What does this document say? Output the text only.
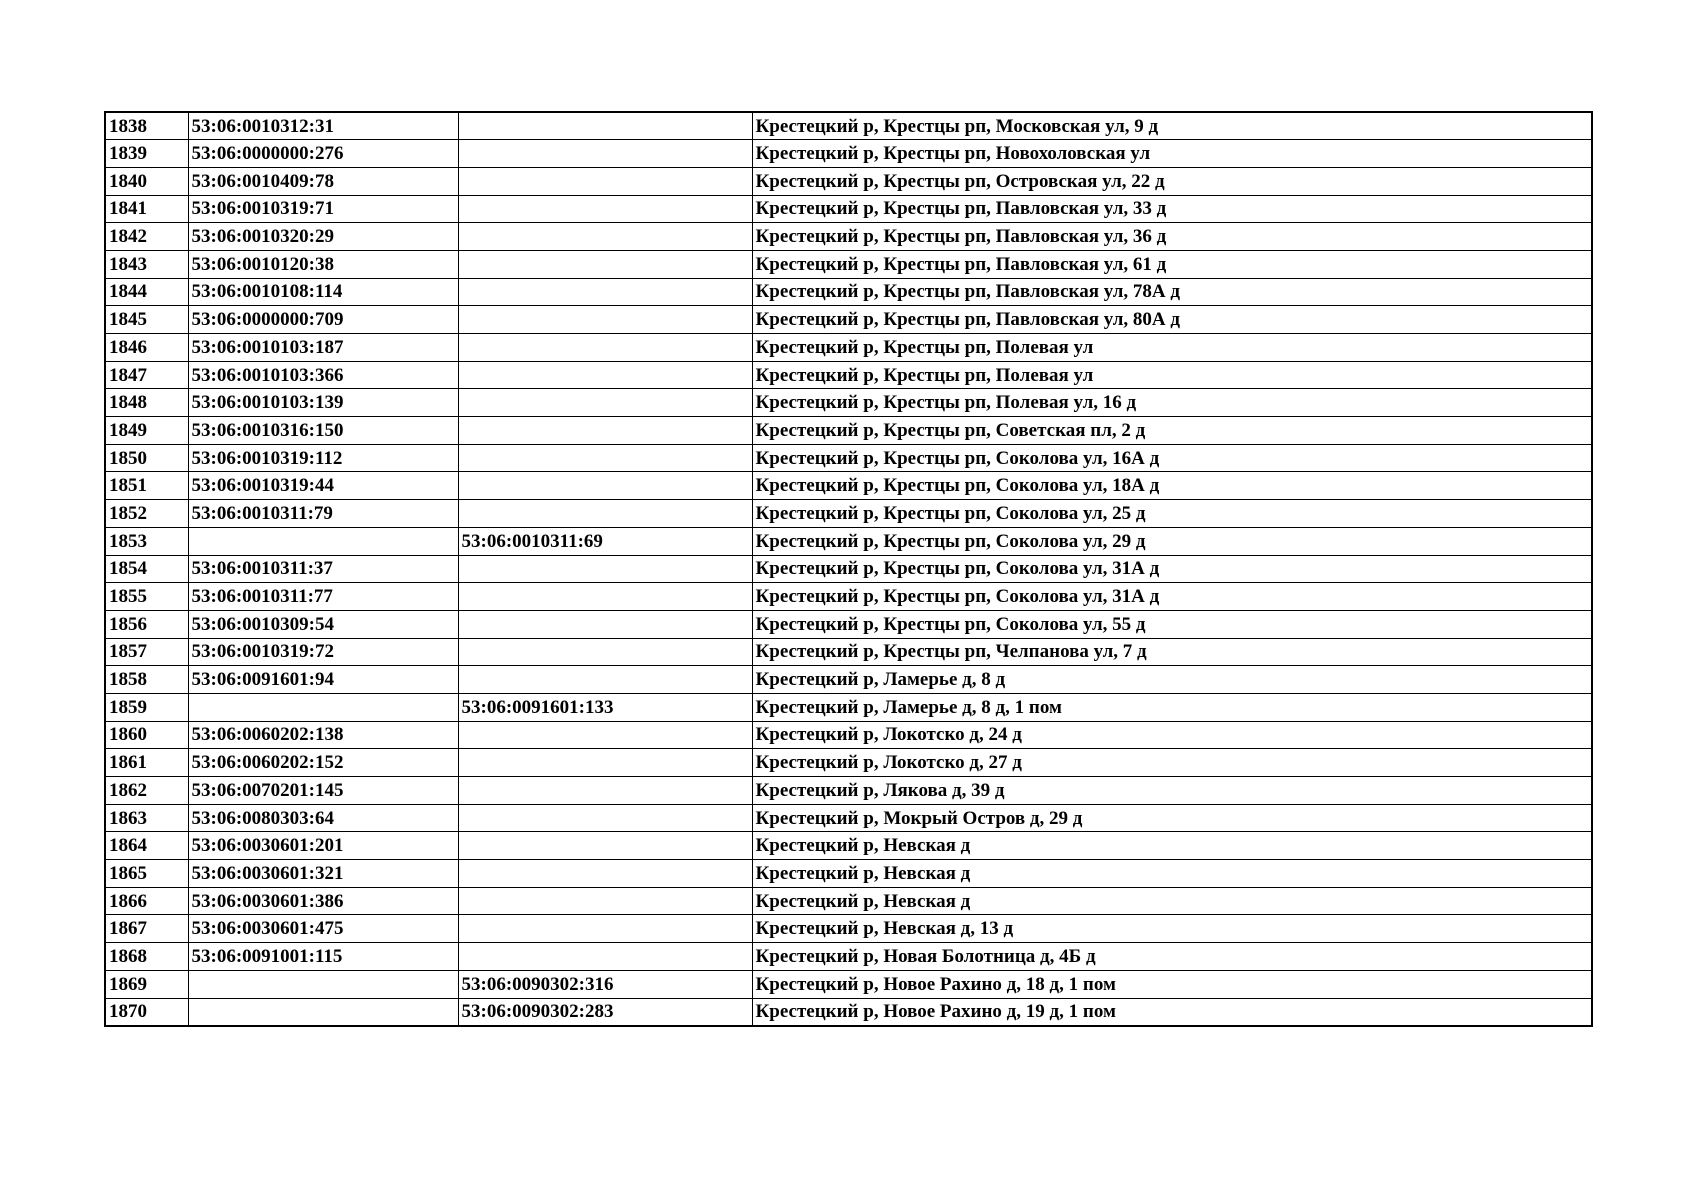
1838	53:06:0010312:31		Крестецкий р, Крестцы рп, Московская ул, 9 д
1839	53:06:0000000:276		Крестецкий р, Крестцы рп, Новохоловская ул
1840	53:06:0010409:78		Крестецкий р, Крестцы рп, Островская ул, 22 д
1841	53:06:0010319:71		Крестецкий р, Крестцы рп, Павловская ул, 33 д
1842	53:06:0010320:29		Крестецкий р, Крестцы рп, Павловская ул, 36 д
1843	53:06:0010120:38		Крестецкий р, Крестцы рп, Павловская ул, 61 д
1844	53:06:0010108:114		Крестецкий р, Крестцы рп, Павловская ул, 78А д
1845	53:06:0000000:709		Крестецкий р, Крестцы рп, Павловская ул, 80А д
1846	53:06:0010103:187		Крестецкий р, Крестцы рп, Полевая ул
1847	53:06:0010103:366		Крестецкий р, Крестцы рп, Полевая ул
1848	53:06:0010103:139		Крестецкий р, Крестцы рп, Полевая ул, 16 д
1849	53:06:0010316:150		Крестецкий р, Крестцы рп, Советская пл, 2 д
1850	53:06:0010319:112		Крестецкий р, Крестцы рп, Соколова ул, 16А д
1851	53:06:0010319:44		Крестецкий р, Крестцы рп, Соколова ул, 18А д
1852	53:06:0010311:79		Крестецкий р, Крестцы рп, Соколова ул, 25 д
1853		53:06:0010311:69	Крестецкий р, Крестцы рп, Соколова ул, 29 д
1854	53:06:0010311:37		Крестецкий р, Крестцы рп, Соколова ул, 31А д
1855	53:06:0010311:77		Крестецкий р, Крестцы рп, Соколова ул, 31А д
1856	53:06:0010309:54		Крестецкий р, Крестцы рп, Соколова ул, 55 д
1857	53:06:0010319:72		Крестецкий р, Крестцы рп, Челпанова ул, 7 д
1858	53:06:0091601:94		Крестецкий р, Ламерье д, 8 д
1859		53:06:0091601:133	Крестецкий р, Ламерье д, 8 д, 1 пом
1860	53:06:0060202:138		Крестецкий р, Локотско д, 24 д
1861	53:06:0060202:152		Крестецкий р, Локотско д, 27 д
1862	53:06:0070201:145		Крестецкий р, Лякова д, 39 д
1863	53:06:0080303:64		Крестецкий р, Мокрый Остров д, 29 д
1864	53:06:0030601:201		Крестецкий р, Невская д
1865	53:06:0030601:321		Крестецкий р, Невская д
1866	53:06:0030601:386		Крестецкий р, Невская д
1867	53:06:0030601:475		Крестецкий р, Невская д, 13 д
1868	53:06:0091001:115		Крестецкий р, Новая Болотница д, 4Б д
1869		53:06:0090302:316	Крестецкий р, Новое Рахино д, 18 д, 1 пом
1870		53:06:0090302:283	Крестецкий р, Новое Рахино д, 19 д, 1 пом
